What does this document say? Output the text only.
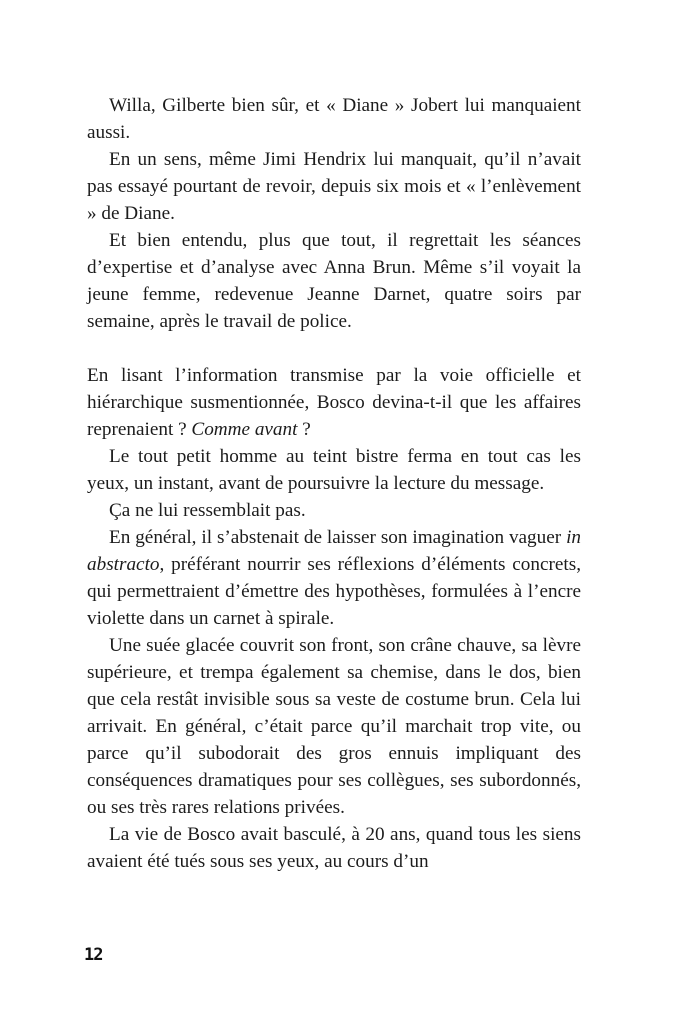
Willa, Gilberte bien sûr, et « Diane » Jobert lui manquaient aussi.

En un sens, même Jimi Hendrix lui manquait, qu’il n’avait pas essayé pourtant de revoir, depuis six mois et « l’enlèvement » de Diane.

Et bien entendu, plus que tout, il regrettait les séances d’expertise et d’analyse avec Anna Brun. Même s’il voyait la jeune femme, redevenue Jeanne Darnet, quatre soirs par semaine, après le travail de police.

En lisant l’information transmise par la voie officielle et hiérarchique susmentionnée, Bosco devina-t-il que les affaires reprenaient ? Comme avant ?

Le tout petit homme au teint bistre ferma en tout cas les yeux, un instant, avant de poursuivre la lecture du message.

Ça ne lui ressemblait pas.

En général, il s’abstenait de laisser son imagination vaguer in abstracto, préférant nourrir ses réflexions d’éléments concrets, qui permettraient d’émettre des hypothèses, formulées à l’encre violette dans un carnet à spirale.

Une suée glacée couvrit son front, son crâne chauve, sa lèvre supérieure, et trempa également sa chemise, dans le dos, bien que cela restât invisible sous sa veste de costume brun. Cela lui arrivait. En général, c’était parce qu’il marchait trop vite, ou parce qu’il subodorait des gros ennuis impliquant des conséquences dramatiques pour ses collègues, ses subordonnés, ou ses très rares relations privées.

La vie de Bosco avait basculé, à 20 ans, quand tous les siens avaient été tués sous ses yeux, au cours d’un

12
